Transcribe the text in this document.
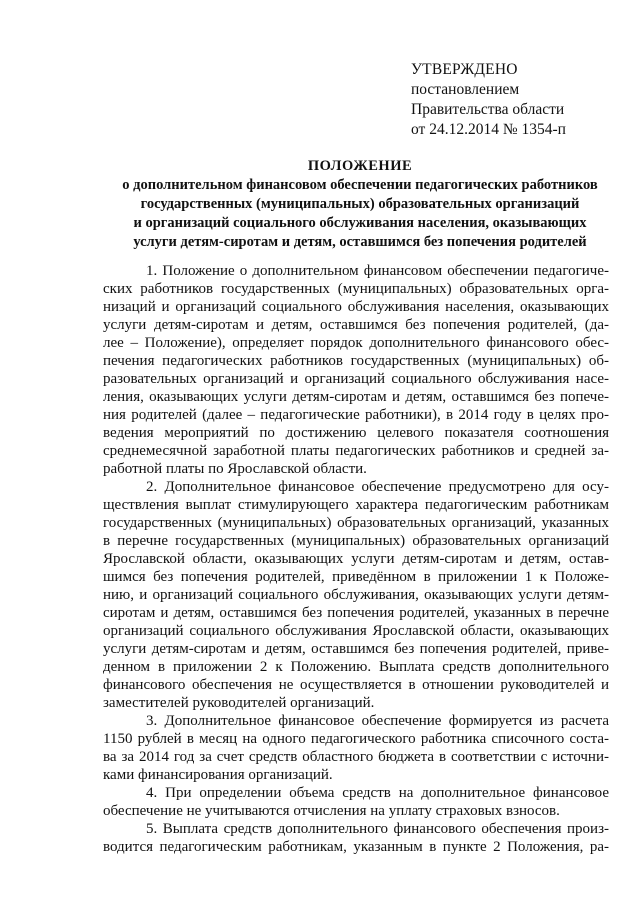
УТВЕРЖДЕНО
постановлением
Правительства области
от 24.12.2014 № 1354-п
ПОЛОЖЕНИЕ
о дополнительном финансовом обеспечении педагогических работников
государственных (муниципальных) образовательных организаций
и организаций социального обслуживания населения, оказывающих
услуги детям-сиротам и детям, оставшимся без попечения родителей
1. Положение о дополнительном финансовом обеспечении педагогиче-
ских работников государственных (муниципальных) образовательных орга-
низаций и организаций социального обслуживания населения, оказывающих
услуги детям-сиротам и детям, оставшимся без попечения родителей, (да-
лее – Положение), определяет порядок дополнительного финансового обес-
печения педагогических работников государственных (муниципальных) об-
разовательных организаций и организаций социального обслуживания насе-
ления, оказывающих услуги детям-сиротам и детям, оставшимся без попече-
ния родителей (далее – педагогические работники), в 2014 году в целях про-
ведения мероприятий по достижению целевого показателя соотношения
среднемесячной заработной платы педагогических работников и средней за-
работной платы по Ярославской области.
2. Дополнительное финансовое обеспечение предусмотрено для осу-
ществления выплат стимулирующего характера педагогическим работникам
государственных (муниципальных) образовательных организаций, указанных
в перечне государственных (муниципальных) образовательных организаций
Ярославской области, оказывающих услуги детям-сиротам и детям, остав-
шимся без попечения родителей, приведённом в приложении 1 к Положе-
нию, и организаций социального обслуживания, оказывающих услуги детям-
сиротам и детям, оставшимся без попечения родителей, указанных в перечне
организаций социального обслуживания Ярославской области, оказывающих
услуги детям-сиротам и детям, оставшимся без попечения родителей, приве-
денном в приложении 2 к Положению. Выплата средств дополнительного
финансового обеспечения не осуществляется в отношении руководителей и
заместителей руководителей организаций.
3. Дополнительное финансовое обеспечение формируется из расчета
1150 рублей в месяц на одного педагогического работника списочного соста-
ва за 2014 год за счет средств областного бюджета в соответствии с источни-
ками финансирования организаций.
4. При определении объема средств на дополнительное финансовое
обеспечение не учитываются отчисления на уплату страховых взносов.
5. Выплата средств дополнительного финансового обеспечения произ-
водится педагогическим работникам, указанным в пункте 2 Положения, ра-
